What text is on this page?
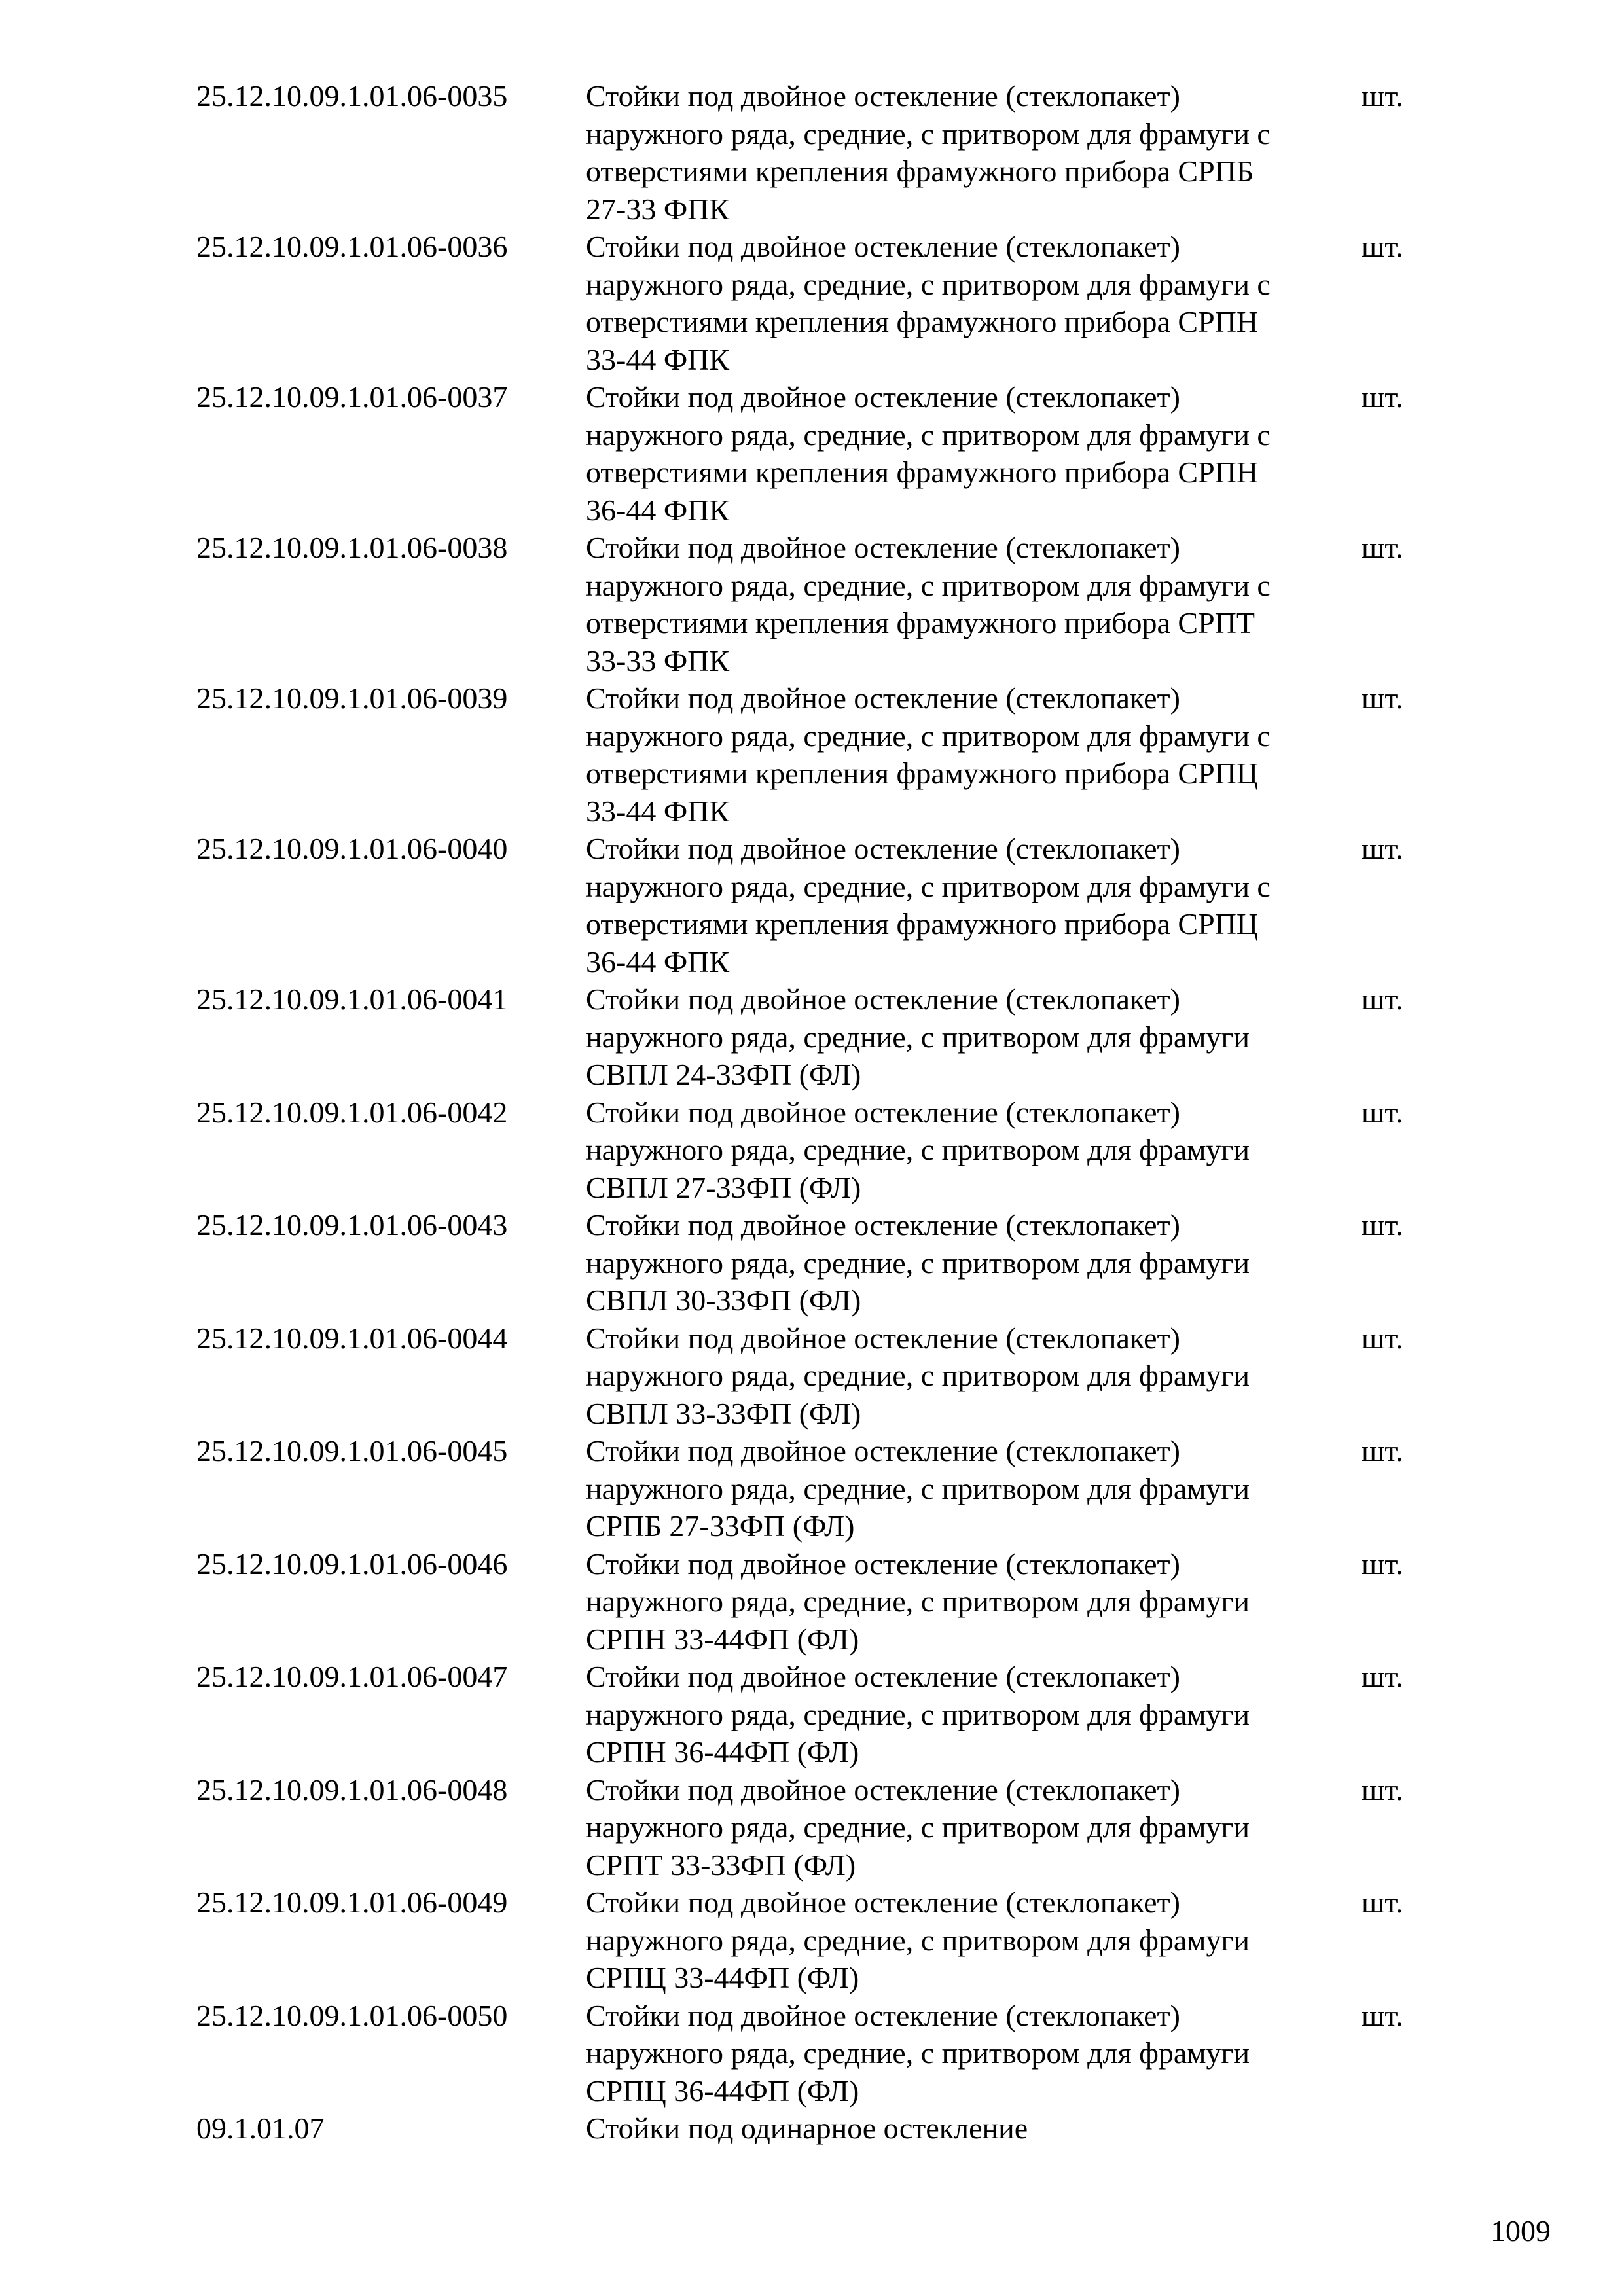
25.12.10.09.1.01.06-0035	Стойки под двойное остекление (стеклопакет)
наружного ряда, средние, с притвором для фрамуги с
отверстиями крепления фрамужного прибора СРПБ
27-33 ФПК
шт.
25.12.10.09.1.01.06-0036	Стойки под двойное остекление (стеклопакет)
наружного ряда, средние, с притвором для фрамуги с
отверстиями крепления фрамужного прибора СРПН
33-44 ФПК
шт.
25.12.10.09.1.01.06-0037	Стойки под двойное остекление (стеклопакет)
наружного ряда, средние, с притвором для фрамуги с
отверстиями крепления фрамужного прибора СРПН
36-44 ФПК
шт.
25.12.10.09.1.01.06-0038	Стойки под двойное остекление (стеклопакет)
наружного ряда, средние, с притвором для фрамуги с
отверстиями крепления фрамужного прибора СРПТ
33-33 ФПК
шт.
25.12.10.09.1.01.06-0039	Стойки под двойное остекление (стеклопакет)
наружного ряда, средние, с притвором для фрамуги с
отверстиями крепления фрамужного прибора СРПЦ
33-44 ФПК
шт.
25.12.10.09.1.01.06-0040	Стойки под двойное остекление (стеклопакет)
наружного ряда, средние, с притвором для фрамуги с
отверстиями крепления фрамужного прибора СРПЦ
36-44 ФПК
шт.
25.12.10.09.1.01.06-0041	Стойки под двойное остекление (стеклопакет)
наружного ряда, средние, с притвором для фрамуги
СВПЛ 24-33ФП (ФЛ)
шт.
25.12.10.09.1.01.06-0042	Стойки под двойное остекление (стеклопакет)
наружного ряда, средние, с притвором для фрамуги
СВПЛ 27-33ФП (ФЛ)
шт.
25.12.10.09.1.01.06-0043	Стойки под двойное остекление (стеклопакет)
наружного ряда, средние, с притвором для фрамуги
СВПЛ 30-33ФП (ФЛ)
шт.
25.12.10.09.1.01.06-0044	Стойки под двойное остекление (стеклопакет)
наружного ряда, средние, с притвором для фрамуги
СВПЛ 33-33ФП (ФЛ)
шт.
25.12.10.09.1.01.06-0045	Стойки под двойное остекление (стеклопакет)
наружного ряда, средние, с притвором для фрамуги
СРПБ 27-33ФП (ФЛ)
шт.
25.12.10.09.1.01.06-0046	Стойки под двойное остекление (стеклопакет)
наружного ряда, средние, с притвором для фрамуги
СРПН 33-44ФП (ФЛ)
шт.
25.12.10.09.1.01.06-0047	Стойки под двойное остекление (стеклопакет)
наружного ряда, средние, с притвором для фрамуги
СРПН 36-44ФП (ФЛ)
шт.
25.12.10.09.1.01.06-0048	Стойки под двойное остекление (стеклопакет)
наружного ряда, средние, с притвором для фрамуги
СРПТ 33-33ФП (ФЛ)
шт.
25.12.10.09.1.01.06-0049	Стойки под двойное остекление (стеклопакет)
наружного ряда, средние, с притвором для фрамуги
СРПЦ 33-44ФП (ФЛ)
шт.
25.12.10.09.1.01.06-0050	Стойки под двойное остекление (стеклопакет)
наружного ряда, средние, с притвором для фрамуги
СРПЦ 36-44ФП (ФЛ)
шт.
09.1.01.07	Стойки под одинарное остекление
1009
